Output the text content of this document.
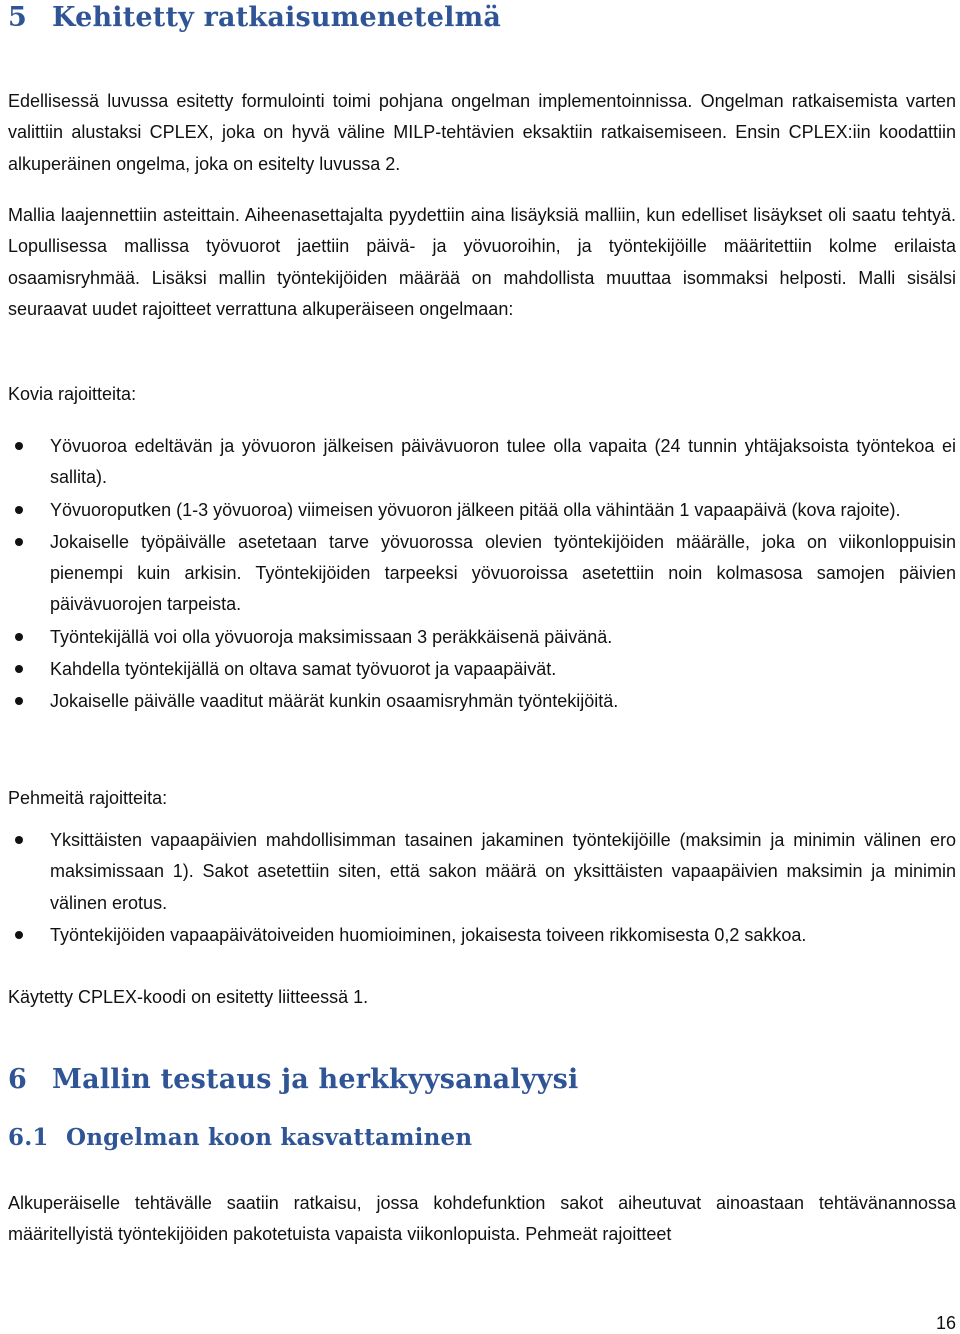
5 Kehitetty ratkaisumenetelmä

Edellisessä luvussa esitetty formulointi toimi pohjana ongelman implementoinnissa. Ongelman ratkaisemista varten valittiin alustaksi CPLEX, joka on hyvä väline MILP-tehtävien eksaktiin ratkaisemiseen. Ensin CPLEX:iin koodattiin alkuperäinen ongelma, joka on esitelty luvussa 2.

Mallia laajennettiin asteittain. Aiheenasettajalta pyydettiin aina lisäyksiä malliin, kun edelliset lisäykset oli saatu tehtyä. Lopullisessa mallissa työvuorot jaettiin päivä- ja yövuoroihin, ja työntekijöille määritettiin kolme erilaista osaamisryhmää. Lisäksi mallin työntekijöiden määrää on mahdollista muuttaa isommaksi helposti. Malli sisälsi seuraavat uudet rajoitteet verrattuna alkuperäiseen ongelmaan:

Kovia rajoitteita:

Yövuoroa edeltävän ja yövuoron jälkeisen päivävuoron tulee olla vapaita (24 tunnin yhtäjaksoista työntekoa ei sallita).
Yövuoroputken (1-3 yövuoroa) viimeisen yövuoron jälkeen pitää olla vähintään 1 vapaapäivä (kova rajoite).
Jokaiselle työpäivälle asetetaan tarve yövuorossa olevien työntekijöiden määrälle, joka on viikonloppuisin pienempi kuin arkisin. Työntekijöiden tarpeeksi yövuoroissa asetettiin noin kolmasosa samojen päivien päivävuorojen tarpeista.
Työntekijällä voi olla yövuoroja maksimissaan 3 peräkkäisenä päivänä.
Kahdella työntekijällä on oltava samat työvuorot ja vapaapäivät.
Jokaiselle päivälle vaaditut määrät kunkin osaamisryhmän työntekijöitä.

Pehmeitä rajoitteita:

Yksittäisten vapaapäivien mahdollisimman tasainen jakaminen työntekijöille (maksimin ja minimin välinen ero maksimissaan 1). Sakot asetettiin siten, että sakon määrä on yksittäisten vapaapäivien maksimin ja minimin välinen erotus.
Työntekijöiden vapaapäivätoiveiden huomioiminen, jokaisesta toiveen rikkomisesta 0,2 sakkoa.

Käytetty CPLEX-koodi on esitetty liitteessä 1.

6 Mallin testaus ja herkkyysanalyysi
6.1 Ongelman koon kasvattaminen

Alkuperäiselle tehtävälle saatiin ratkaisu, jossa kohdefunktion sakot aiheutuvat ainoastaan tehtävänannossa määritellyistä työntekijöiden pakotetuista vapaista viikonlopuista. Pehmeät rajoitteet

16
